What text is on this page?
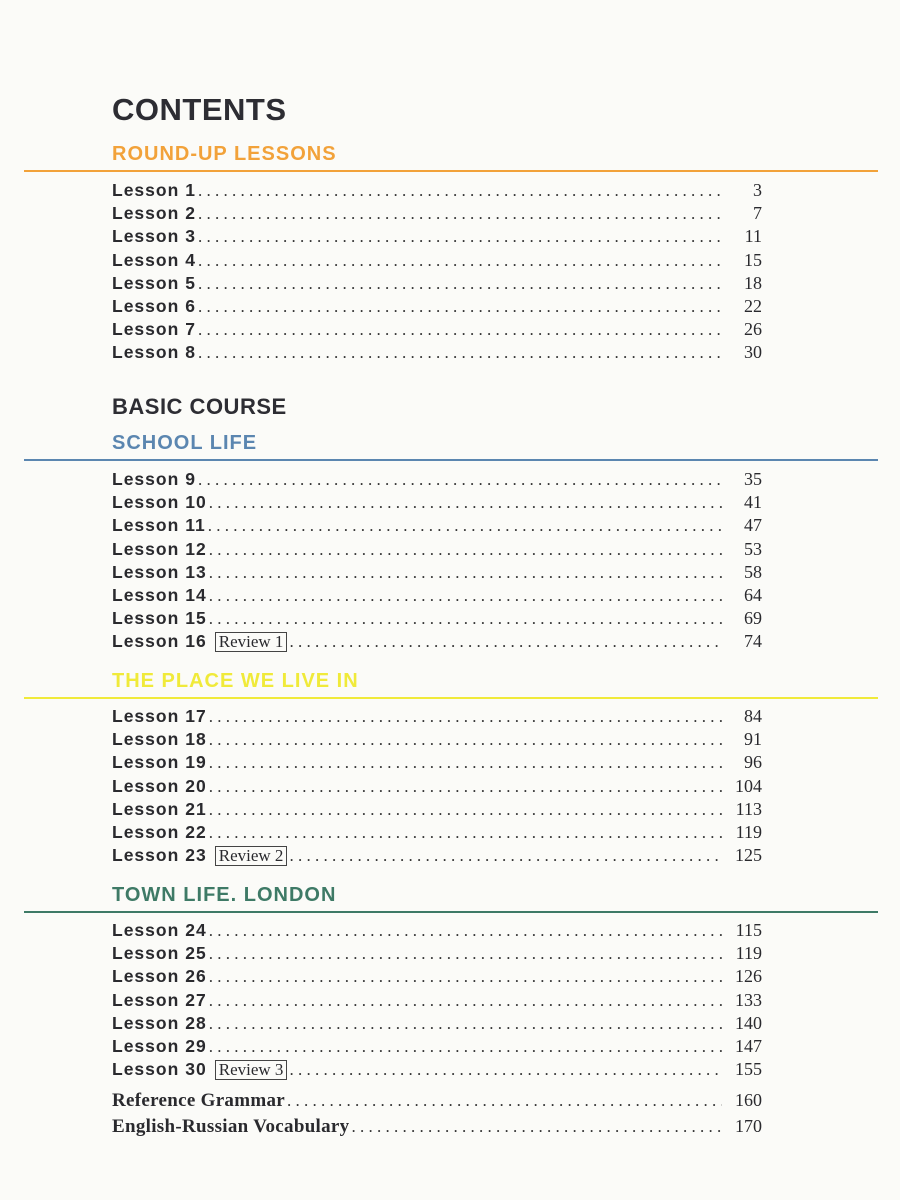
CONTENTS
ROUND-UP LESSONS
Lesson 1 . . .	3
Lesson 2 . . .	7
Lesson 3 . . .	11
Lesson 4 . . .	15
Lesson 5 . . .	18
Lesson 6 . . .	22
Lesson 7 . . .	26
Lesson 8 . . .	30
BASIC COURSE
SCHOOL LIFE
Lesson 9 . . .	35
Lesson 10 . . .	41
Lesson 11 . . .	47
Lesson 12 . . .	53
Lesson 13 . . .	58
Lesson 14 . . .	64
Lesson 15 . . .	69
Lesson 16 Review 1 . . .	74
THE PLACE WE LIVE IN
Lesson 17 . . .	84
Lesson 18 . . .	91
Lesson 19 . . .	96
Lesson 20 . . .	104
Lesson 21 . . .	113
Lesson 22 . . .	119
Lesson 23 Review 2 . . .	125
TOWN LIFE. LONDON
Lesson 24 . . .	115
Lesson 25 . . .	119
Lesson 26 . . .	126
Lesson 27 . . .	133
Lesson 28 . . .	140
Lesson 29 . . .	147
Lesson 30 Review 3 . . .	155
Reference Grammar . . .	160
English-Russian Vocabulary . . .	170
